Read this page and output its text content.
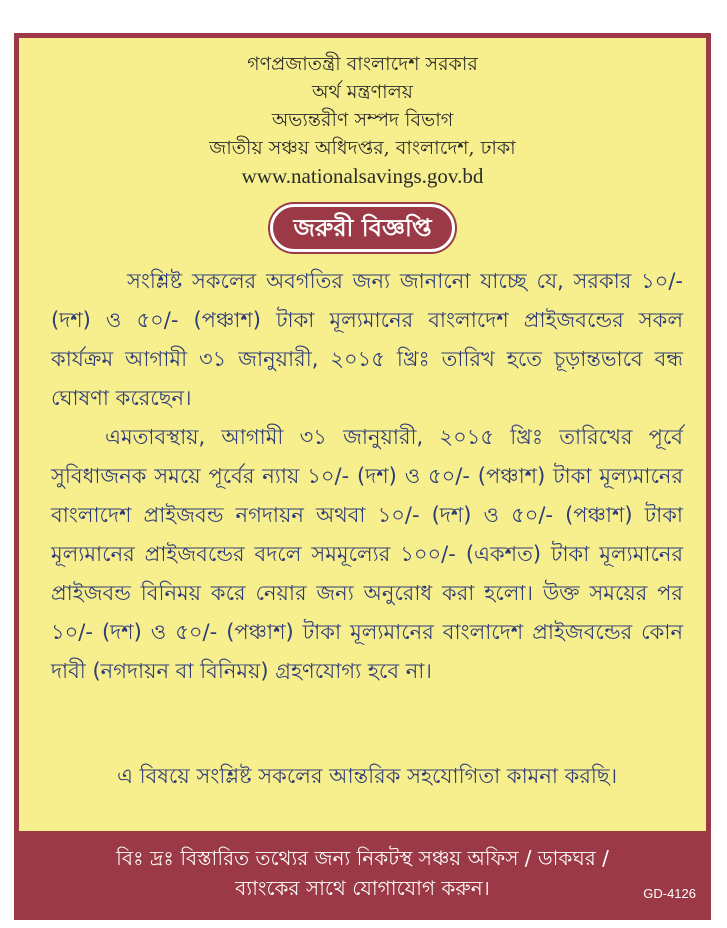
গণপ্রজাতন্ত্রী বাংলাদেশ সরকার
অর্থ মন্ত্রণালয়
অভ্যন্তরীণ সম্পদ বিভাগ
জাতীয় সঞ্চয় অধিদপ্তর, বাংলাদেশ, ঢাকা
www.nationalsavings.gov.bd
জরুরী বিজ্ঞপ্তি
সংশ্লিষ্ট সকলের অবগতির জন্য জানানো যাচ্ছে যে, সরকার ১০/- (দশ) ও ৫০/- (পঞ্চাশ) টাকা মূল্যমানের বাংলাদেশ প্রাইজবন্ডের সকল কার্যক্রম আগামী ৩১ জানুয়ারী, ২০১৫ খ্রিঃ তারিখ হতে চূড়ান্তভাবে বন্ধ ঘোষণা করেছেন।
এমতাবস্থায়, আগামী ৩১ জানুয়ারী, ২০১৫ খ্রিঃ তারিখের পূর্বে সুবিধাজনক সময়ে পূর্বের ন্যায় ১০/- (দশ) ও ৫০/- (পঞ্চাশ) টাকা মূল্যমানের বাংলাদেশ প্রাইজবন্ড নগদায়ন অথবা ১০/- (দশ) ও ৫০/- (পঞ্চাশ) টাকা মূল্যমানের প্রাইজবন্ডের বদলে সমমূল্যের ১০০/- (একশত) টাকা মূল্যমানের প্রাইজবন্ড বিনিময় করে নেয়ার জন্য অনুরোধ করা হলো। উক্ত সময়ের পর ১০/- (দশ) ও ৫০/- (পঞ্চাশ) টাকা মূল্যমানের বাংলাদেশ প্রাইজবন্ডের কোন দাবী (নগদায়ন বা বিনিময়) গ্রহণযোগ্য হবে না।
এ বিষয়ে সংশ্লিষ্ট সকলের আন্তরিক সহযোগিতা কামনা করছি।
বিঃ দ্রঃ বিস্তারিত তথ্যের জন্য নিকটস্থ সঞ্চয় অফিস / ডাকঘর /
ব্যাংকের সাথে যোগাযোগ করুন।	GD-4126
